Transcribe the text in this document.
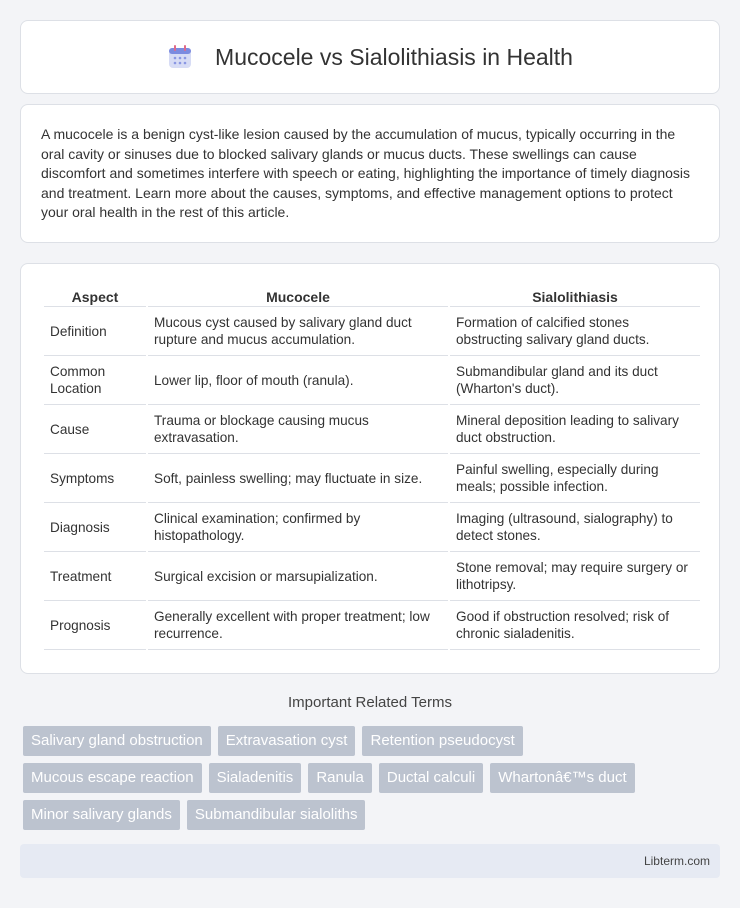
Mucocele vs Sialolithiasis in Health

A mucocele is a benign cyst-like lesion caused by the accumulation of mucus, typically occurring in the oral cavity or sinuses due to blocked salivary glands or mucus ducts. These swellings can cause discomfort and sometimes interfere with speech or eating, highlighting the importance of timely diagnosis and treatment. Learn more about the causes, symptoms, and effective management options to protect your oral health in the rest of this article.

Aspect	Mucocele	Sialolithiasis
Definition	Mucous cyst caused by salivary gland duct rupture and mucus accumulation.	Formation of calcified stones obstructing salivary gland ducts.
Common Location	Lower lip, floor of mouth (ranula).	Submandibular gland and its duct (Wharton's duct).
Cause	Trauma or blockage causing mucus extravasation.	Mineral deposition leading to salivary duct obstruction.
Symptoms	Soft, painless swelling; may fluctuate in size.	Painful swelling, especially during meals; possible infection.
Diagnosis	Clinical examination; confirmed by histopathology.	Imaging (ultrasound, sialography) to detect stones.
Treatment	Surgical excision or marsupialization.	Stone removal; may require surgery or lithotripsy.
Prognosis	Generally excellent with proper treatment; low recurrence.	Good if obstruction resolved; risk of chronic sialadenitis.
Important Related Terms
Salivary gland obstruction	Extravasation cyst	Retention pseudocyst
Mucous escape reaction	Sialadenitis	Ranula	Ductal calculi	Whartonâ€™s duct
Minor salivary glands	Submandibular sialoliths
Libterm.com
